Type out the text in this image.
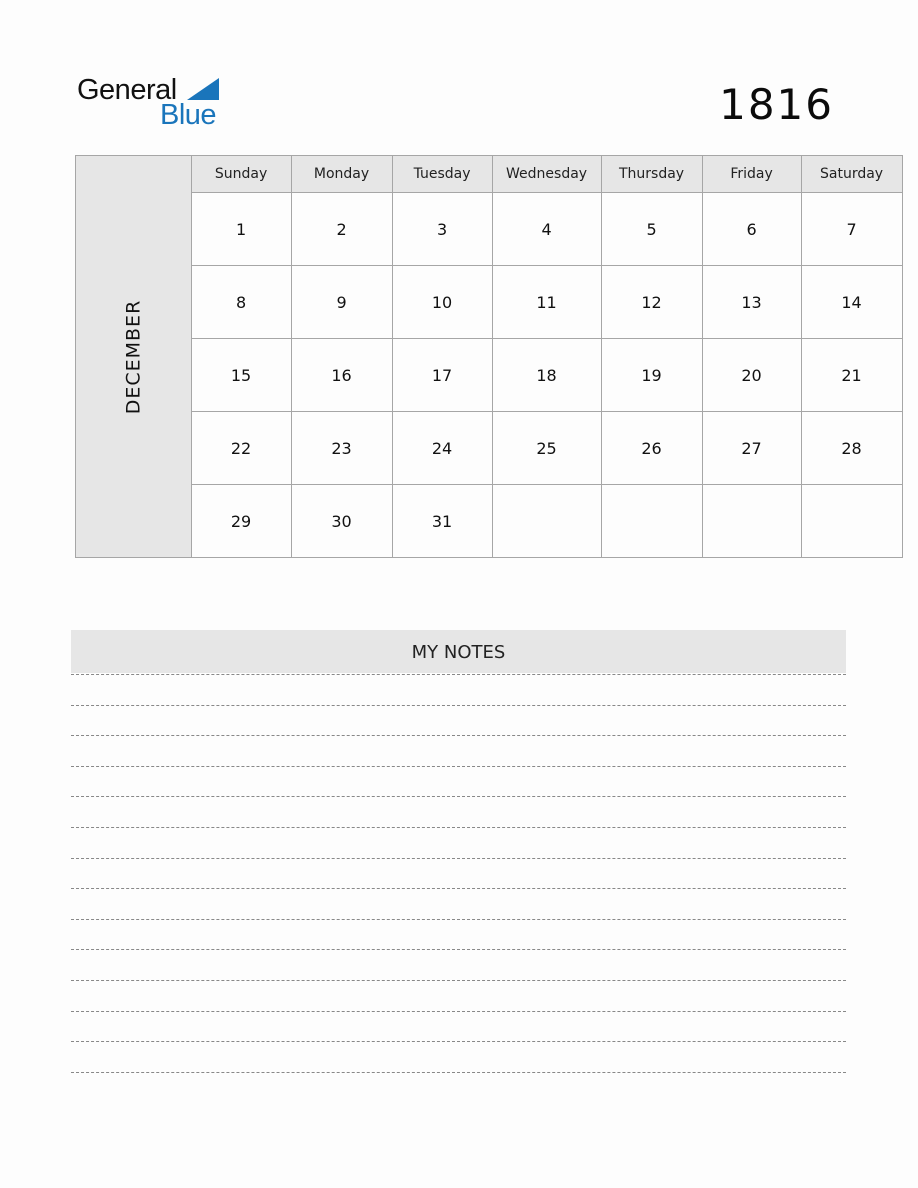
General
Blue	1816
DECEMBER	Sunday	Monday	Tuesday	Wednesday	Thursday	Friday	Saturday
	1	2	3	4	5	6	7
	8	9	10	11	12	13	14
	15	16	17	18	19	20	21
	22	23	24	25	26	27	28
	29	30	31				
MY NOTES
